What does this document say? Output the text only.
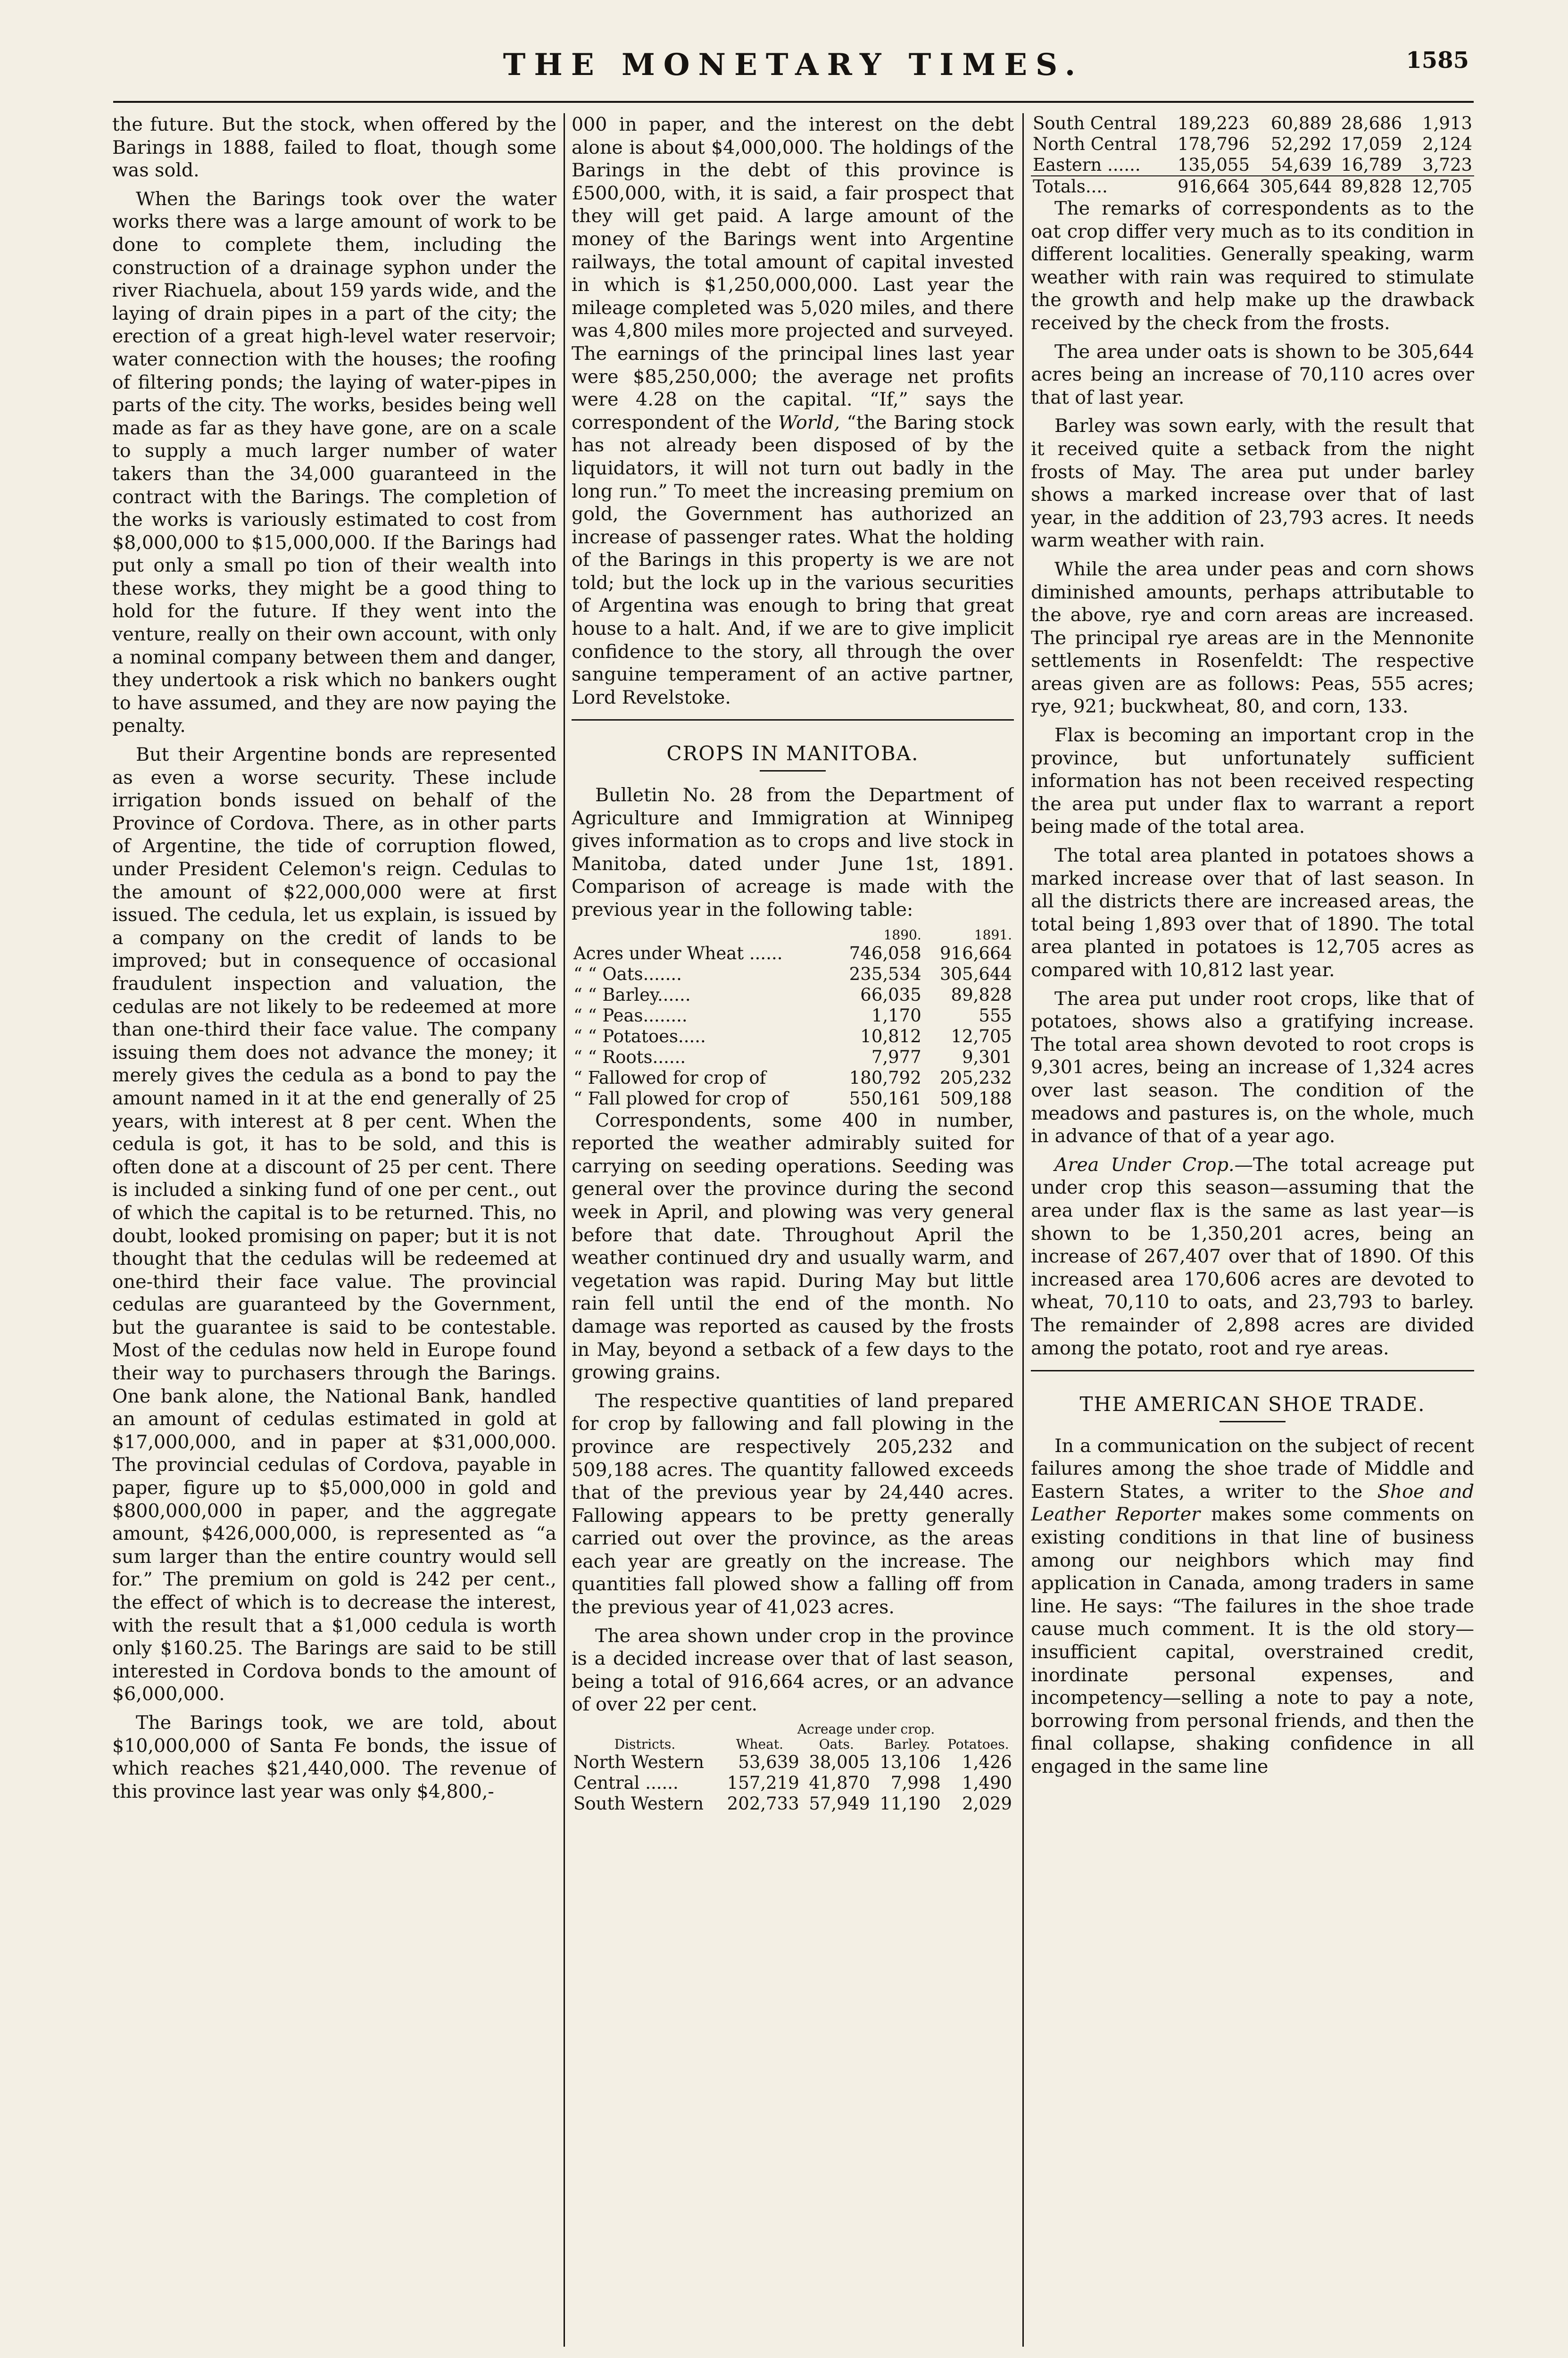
THE MONETARY TIMES.	1585

the future. But the stock, when offered by the Barings in 1888, failed to float, though some was sold.

When the Barings took over the water works there was a large amount of work to be done to complete them, including the construction of a drainage syphon under the river Riachuela, about 159 yards wide, and the laying of drain pipes in a part of the city; the erection of a great high-level water reservoir; water connection with the houses; the roofing of filtering ponds; the laying of water-pipes in parts of the city. The works, besides being well made as far as they have gone, are on a scale to supply a much larger number of water takers than the 34,000 guaranteed in the contract with the Barings. The completion of the works is variously estimated to cost from $8,000,000 to $15,000,000. If the Barings had put only a small po tion of their wealth into these works, they might be a good thing to hold for the future. If they went into the venture, really on their own account, with only a nominal company between them and danger, they undertook a risk which no bankers ought to have assumed, and they are now paying the penalty.

But their Argentine bonds are represented as even a worse security. These include irrigation bonds issued on behalf of the Province of Cordova. There, as in other parts of Argentine, the tide of corruption flowed, under President Celemon's reign. Cedulas to the amount of $22,000,000 were at first issued. The cedula, let us explain, is issued by a company on the credit of lands to be improved; but in consequence of occasional fraudulent inspection and valuation, the cedulas are not likely to be redeemed at more than one-third their face value. The company issuing them does not advance the money; it merely gives the cedula as a bond to pay the amount named in it at the end generally of 25 years, with interest at 8 per cent. When the cedula is got, it has to be sold, and this is often done at a discount of 25 per cent. There is included a sinking fund of one per cent., out of which the capital is to be returned. This, no doubt, looked promising on paper; but it is not thought that the cedulas will be redeemed at one-third their face value. The provincial cedulas are guaranteed by the Government, but the guarantee is said to be contestable. Most of the cedulas now held in Europe found their way to purchasers through the Barings. One bank alone, the National Bank, handled an amount of cedulas estimated in gold at $17,000,000, and in paper at $31,000,000. The provincial cedulas of Cordova, payable in paper, figure up to $5,000,000 in gold and $800,000,000 in paper, and the aggregate amount, $426,000,000, is represented as “a sum larger than the entire country would sell for.” The premium on gold is 242 per cent., the effect of which is to decrease the interest, with the result that a $1,000 cedula is worth only $160.25. The Barings are said to be still interested in Cordova bonds to the amount of $6,000,000.

The Barings took, we are told, about $10,000,000 of Santa Fe bonds, the issue of which reaches $21,440,000. The revenue of this province last year was only $4,800,-

000 in paper, and the interest on the debt alone is about $4,000,000. The holdings of the Barings in the debt of this province is £500,000, with, it is said, a fair prospect that they will get paid. A large amount of the money of the Barings went into Argentine railways, the total amount of capital invested in which is $1,250,000,000. Last year the mileage completed was 5,020 miles, and there was 4,800 miles more projected and surveyed. The earnings of the principal lines last year were $85,250,000; the average net profits were 4.28 on the capital. “If,” says the correspondent of the World, “the Baring stock has not already been disposed of by the liquidators, it will not turn out badly in the long run.” To meet the increasing premium on gold, the Government has authorized an increase of passenger rates. What the holding of the Barings in this property is we are not told; but the lock up in the various securities of Argentina was enough to bring that great house to a halt. And, if we are to give implicit confidence to the story, all through the over sanguine temperament of an active partner, Lord Revelstoke.

CROPS IN MANITOBA.

Bulletin No. 28 from the Department of Agriculture and Immigration at Winnipeg gives information as to crops and live stock in Manitoba, dated under June 1st, 1891. Comparison of acreage is made with the previous year in the following table:

	1890.	1891.
Acres under Wheat ......	746,058	916,664
“ “ Oats.......	235,534	305,644
“ “ Barley......	66,035	89,828
“ “ Peas........	1,170	555
“ “ Potatoes.....	10,812	12,705
“ “ Roots......	7,977	9,301
“ Fallowed for crop of	180,792	205,232
“ Fall plowed for crop of	550,161	509,188

Correspondents, some 400 in number, reported the weather admirably suited for carrying on seeding operations. Seeding was general over the province during the second week in April, and plowing was very general before that date. Throughout April the weather continued dry and usually warm, and vegetation was rapid. During May but little rain fell until the end of the month. No damage was reported as caused by the frosts in May, beyond a setback of a few days to the growing grains.

The respective quantities of land prepared for crop by fallowing and fall plowing in the province are respectively 205,232 and 509,188 acres. The quantity fallowed exceeds that of the previous year by 24,440 acres. Fallowing appears to be pretty generally carried out over the province, as the areas each year are greatly on the increase. The quantities fall plowed show a falling off from the previous year of 41,023 acres.

The area shown under crop in the province is a decided increase over that of last season, being a total of 916,664 acres, or an advance of over 22 per cent.

	Acreage under crop.			
Districts.	Wheat.	Oats.	Barley.	Potatoes.
North Western	53,639	38,005	13,106	1,426
Central ......	157,219	41,870	7,998	1,490
South Western	202,733	57,949	11,190	2,029
South Central	189,223	60,889	28,686	1,913
North Central	178,796	52,292	17,059	2,124
Eastern ......	135,055	54,639	16,789	3,723
Totals....	916,664	305,644	89,828	12,705

The remarks of correspondents as to the oat crop differ very much as to its condition in different localities. Generally speaking, warm weather with rain was required to stimulate the growth and help make up the drawback received by the check from the frosts.

The area under oats is shown to be 305,644 acres being an increase of 70,110 acres over that of last year.

Barley was sown early, with the result that it received quite a setback from the night frosts of May. The area put under barley shows a marked increase over that of last year, in the addition of 23,793 acres. It needs warm weather with rain.

While the area under peas and corn shows diminished amounts, perhaps attributable to the above, rye and corn areas are increased. The principal rye areas are in the Mennonite settlements in Rosenfeldt: The respective areas given are as follows: Peas, 555 acres; rye, 921; buckwheat, 80, and corn, 133.

Flax is becoming an important crop in the province, but unfortunately sufficient information has not been received respecting the area put under flax to warrant a report being made of the total area.

The total area planted in potatoes shows a marked increase over that of last season. In all the districts there are increased areas, the total being 1,893 over that of 1890. The total area planted in potatoes is 12,705 acres as compared with 10,812 last year.

The area put under root crops, like that of potatoes, shows also a gratifying increase. The total area shown devoted to root crops is 9,301 acres, being an increase of 1,324 acres over last season. The condition of the meadows and pastures is, on the whole, much in advance of that of a year ago.

Area Under Crop.—The total acreage put under crop this season—assuming that the area under flax is the same as last year—is shown to be 1,350,201 acres, being an increase of 267,407 over that of 1890. Of this increased area 170,606 acres are devoted to wheat, 70,110 to oats, and 23,793 to barley. The remainder of 2,898 acres are divided among the potato, root and rye areas.

THE AMERICAN SHOE TRADE.

In a communication on the subject of recent failures among the shoe trade of Middle and Eastern States, a writer to the Shoe and Leather Reporter makes some comments on existing conditions in that line of business among our neighbors which may find application in Canada, among traders in same line. He says: “The failures in the shoe trade cause much comment. It is the old story—insufficient capital, overstrained credit, inordinate personal expenses, and incompetency—selling a note to pay a note, borrowing from personal friends, and then the final collapse, shaking confidence in all engaged in the same line
